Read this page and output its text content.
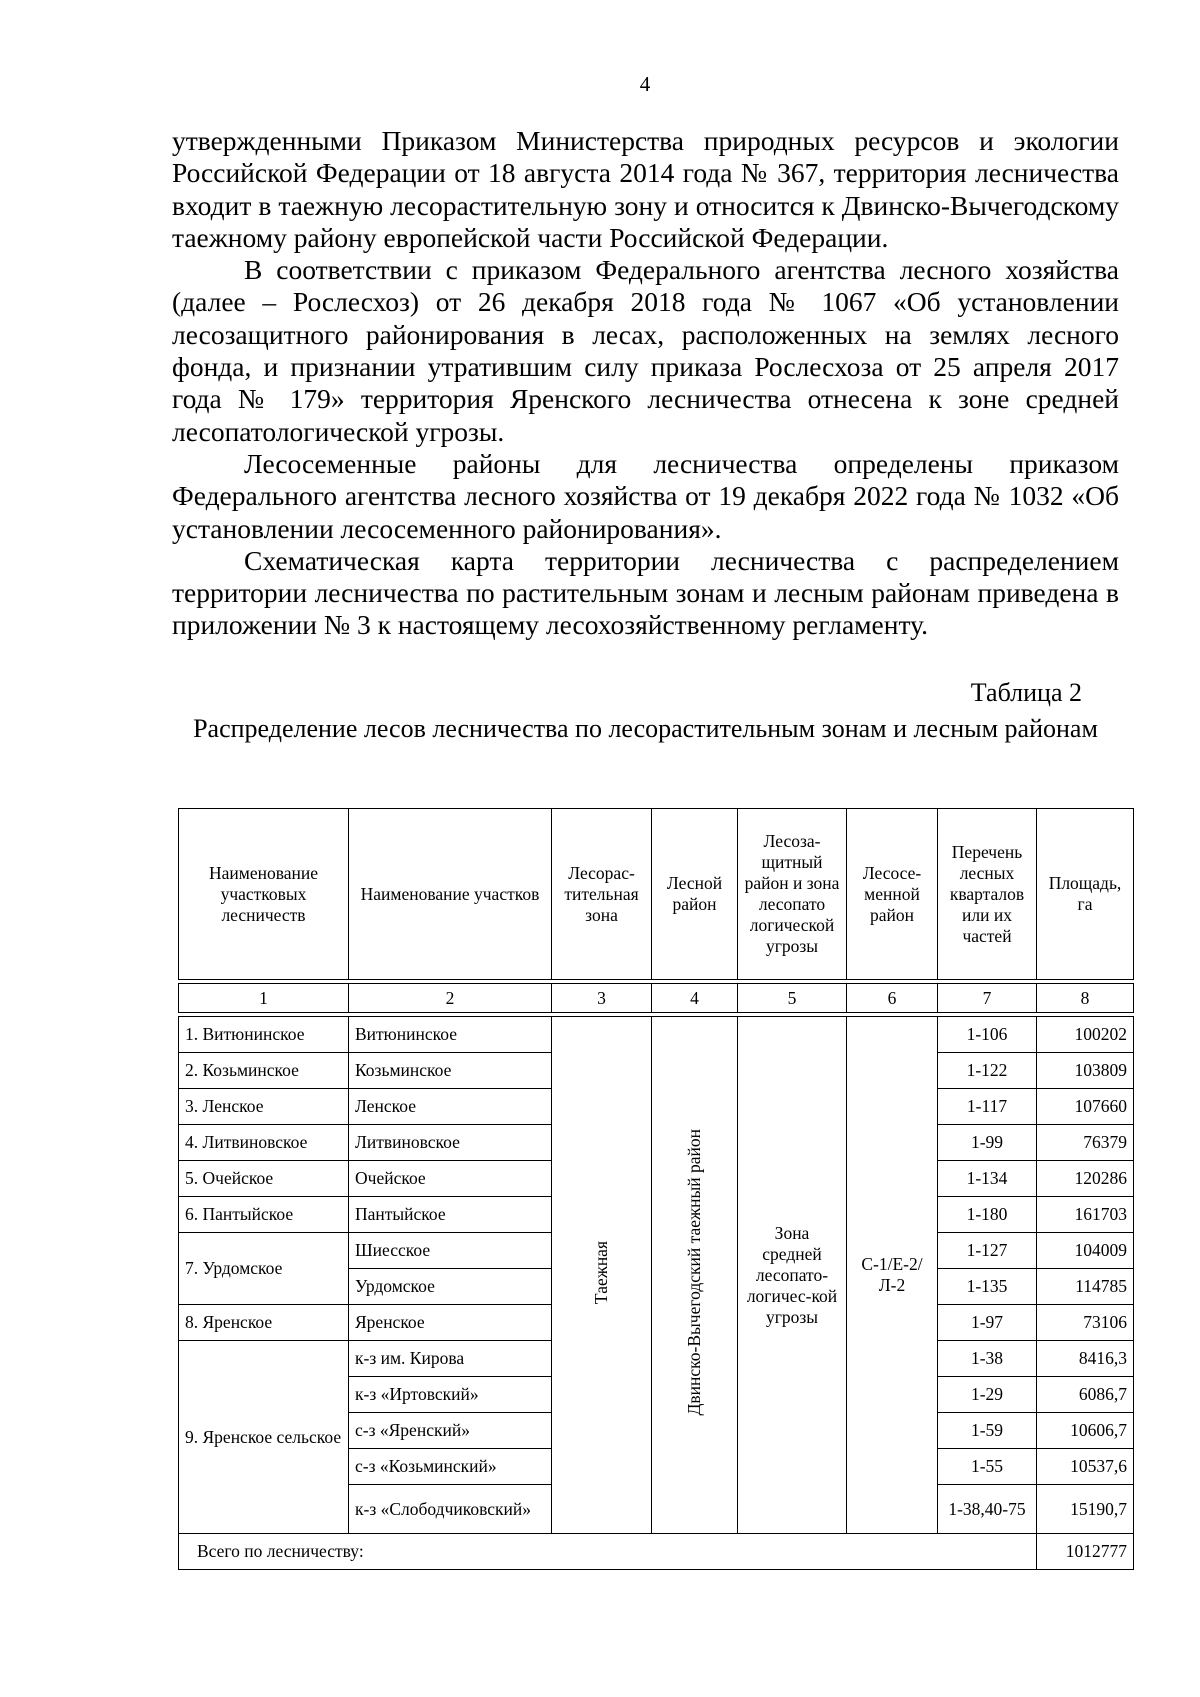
4

утвержденными Приказом Министерства природных ресурсов и экологии Российской Федерации от 18 августа 2014 года № 367, территория лесничества входит в таежную лесорастительную зону и относится к Двинско-Вычегодскому таежному району европейской части Российской Федерации.

В соответствии с приказом Федерального агентства лесного хозяйства (далее – Рослесхоз) от 26 декабря 2018 года № 1067 «Об установлении лесозащитного районирования в лесах, расположенных на землях лесного фонда, и признании утратившим силу приказа Рослесхоза от 25 апреля 2017 года № 179» территория Яренского лесничества отнесена к зоне средней лесопатологической угрозы.

Лесосеменные районы для лесничества определены приказом Федерального агентства лесного хозяйства от 19 декабря 2022 года № 1032 «Об установлении лесосеменного районирования».

Схематическая карта территории лесничества с распределением территории лесничества по растительным зонам и лесным районам приведена в приложении № 3 к настоящему лесохозяйственному регламенту.

Таблица 2
Распределение лесов лесничества по лесорастительным зонам и лесным районам
Наименование участковых лесничеств	Наименование участков	Лесорас-тительная зона	Лесной район	Лесоза-щитный район и зона лесопато логической угрозы	Лесосе-менной район	Перечень лесных кварталов или их частей	Площадь, га

1	2	3	4	5	6	7	8

1. Витюнинское	Витюнинское	Таежная	Двинско-Вычегодский таежный район	Зона средней лесопато-логичес-кой угрозы	С-1/Е-2/Л-2	1-106	100202
2. Козьминское	Козьминское					1-122	103809
3. Ленское	Ленское					1-117	107660
4. Литвиновское	Литвиновское					1-99	76379
5. Очейское	Очейское					1-134	120286
6. Пантыйское	Пантыйское					1-180	161703
7. Урдомское	Шиесское					1-127	104009
	Урдомское					1-135	114785
8. Яренское	Яренское					1-97	73106
9. Яренское сельское	к-з им. Кирова					1-38	8416,3
	к-з «Иртовский»					1-29	6086,7
	с-з «Яренский»					1-59	10606,7
	с-з «Козьминский»					1-55	10537,6
	к-з «Слободчиковский»					1-38,40-75	15190,7
Всего по лесничеству:							1012777
